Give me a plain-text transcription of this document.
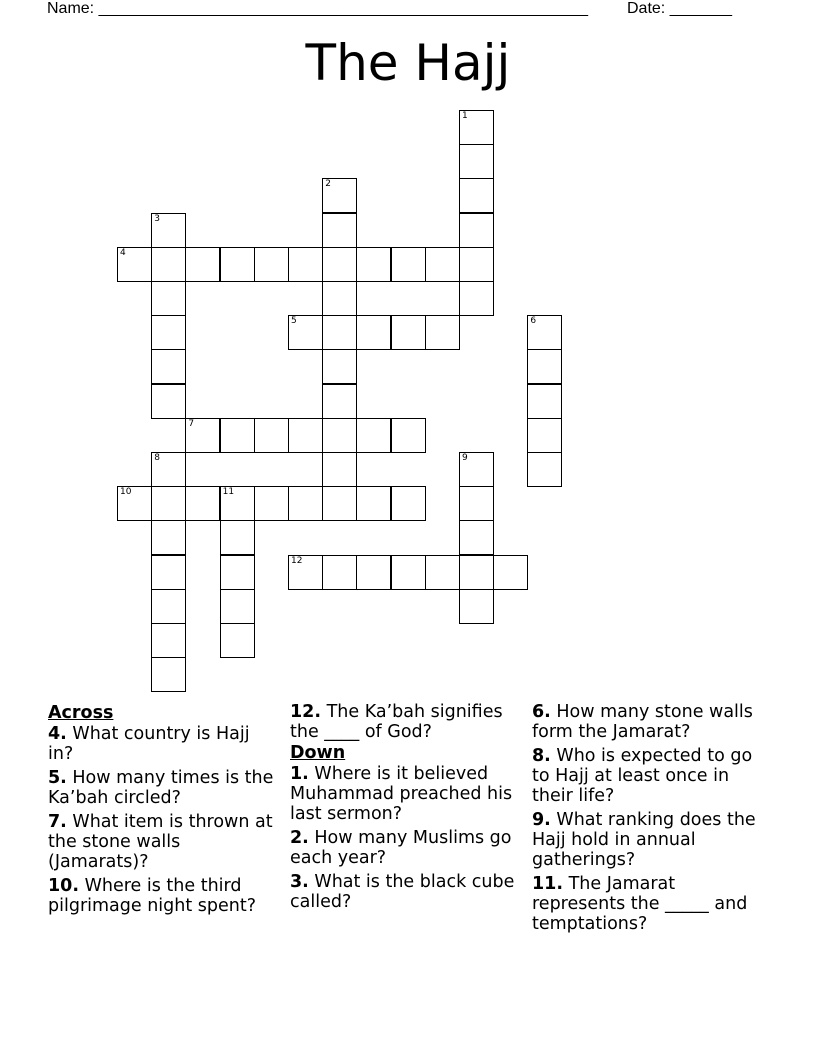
Name: _______________________________________________________ Date: _______
The Hajj
1
2
3
4
5	6
7
8	9
10	11
12
Across

4. What country is Hajj in?

5. How many times is the Ka’bah circled?

7. What item is thrown at the stone walls (Jamarats)?

10. Where is the third pilgrimage night spent?

12. The Ka’bah signifies the ____ of God?

Down

1. Where is it believed Muhammad preached his last sermon?

2. How many Muslims go each year?

3. What is the black cube called?

6. How many stone walls form the Jamarat?

8. Who is expected to go to Hajj at least once in their life?

9. What ranking does the Hajj hold in annual gatherings?

11. The Jamarat represents the _____ and temptations?
